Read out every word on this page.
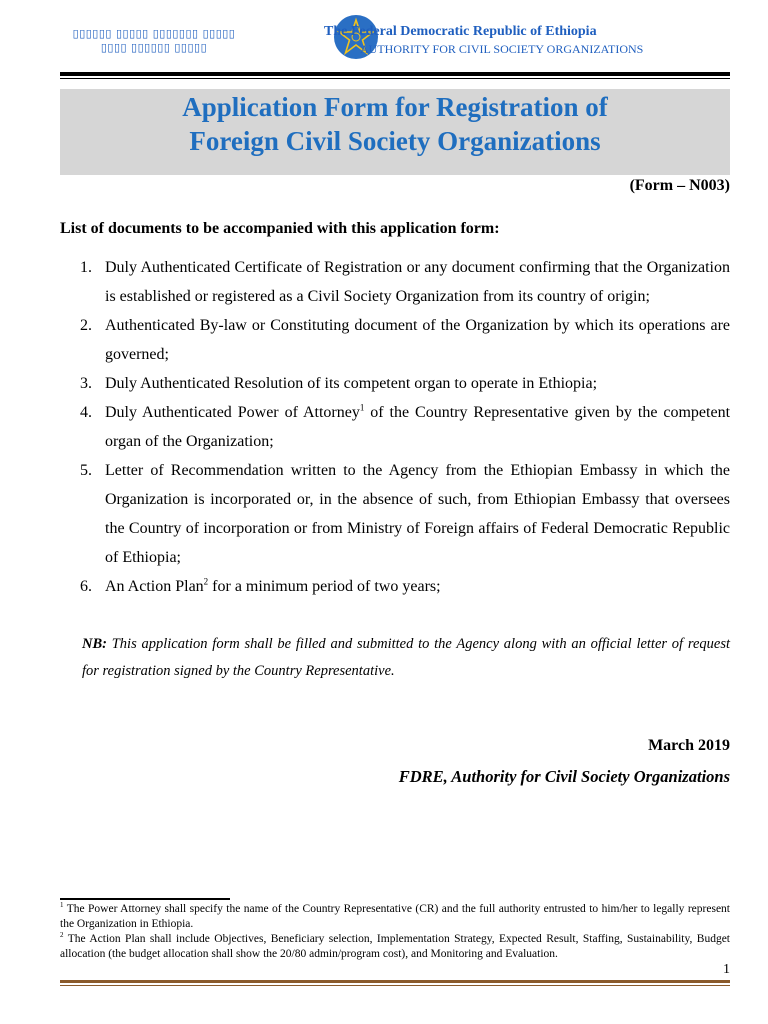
▯▯▯▯▯▯ ▯▯▯▯▯ ▯▯▯▯▯▯▯ ▯▯▯▯▯
▯▯▯▯ ▯▯▯▯▯▯ ▯▯▯▯▯
The Federal Democratic Republic of Ethiopia
AUTHORITY FOR CIVIL SOCIETY ORGANIZATIONS
Application Form for Registration of
Foreign Civil Society Organizations
(Form – N003)
List of documents to be accompanied with this application form:
1. Duly Authenticated Certificate of Registration or any document confirming that the Organization is established or registered as a Civil Society Organization from its country of origin;
2. Authenticated By-law or Constituting document of the Organization by which its operations are governed;
3. Duly Authenticated Resolution of its competent organ to operate in Ethiopia;
4. Duly Authenticated Power of Attorney$^1$ of the Country Representative given by the competent organ of the Organization;
5. Letter of Recommendation written to the Agency from the Ethiopian Embassy in which the Organization is incorporated or, in the absence of such, from Ethiopian Embassy that oversees the Country of incorporation or from Ministry of Foreign affairs of Federal Democratic Republic of Ethiopia;
6. An Action Plan$^2$ for a minimum period of two years;
NB: This application form shall be filled and submitted to the Agency along with an official letter of request for registration signed by the Country Representative.
March 2019
FDRE, Authority for Civil Society Organizations

$^1$ The Power Attorney shall specify the name of the Country Representative (CR) and the full authority entrusted to him/her to legally represent the Organization in Ethiopia.

$^2$ The Action Plan shall include Objectives, Beneficiary selection, Implementation Strategy, Expected Result, Staffing, Sustainability, Budget allocation (the budget allocation shall show the 20/80 admin/program cost), and Monitoring and Evaluation.

1
